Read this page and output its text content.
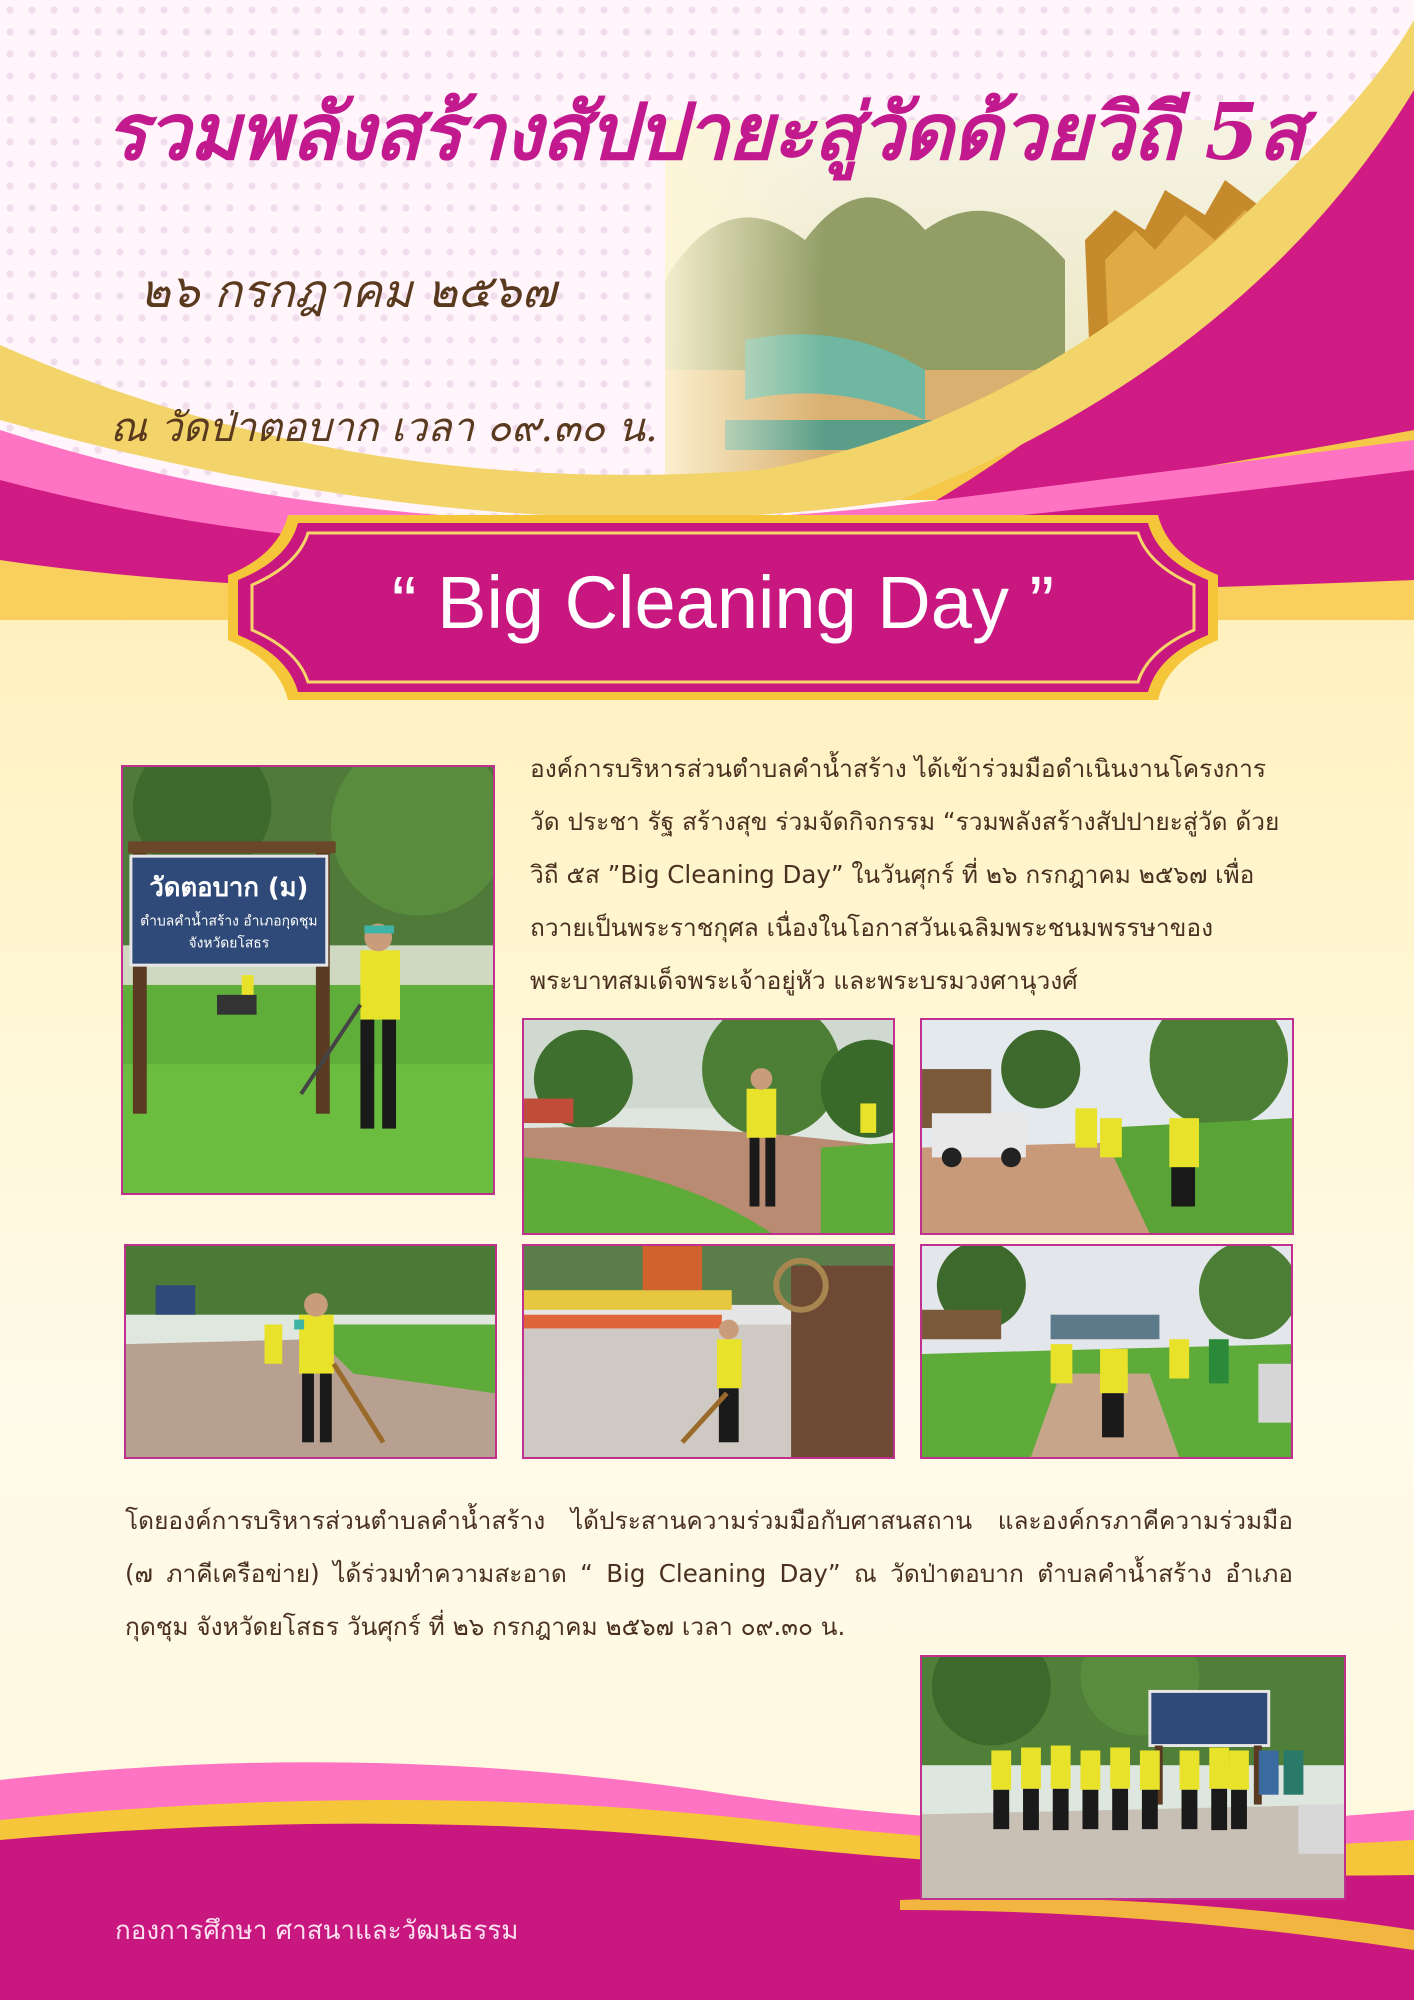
รวมพลังสร้างสัปปายะสู่วัดด้วยวิถี 5ส
๒๖ กรกฎาคม ๒๕๖๗
ณ วัดป่าตอบาก เวลา ๐๙.๓๐ น.
“ Big Cleaning Day ”
องค์การบริหารส่วนตำบลคำน้ำสร้าง ได้เข้าร่วมมือดำเนินงานโครงการ วัด ประชา รัฐ สร้างสุข ร่วมจัดกิจกรรม “รวมพลังสร้างสัปปายะสู่วัด ด้วยวิถี ๕ส ”Big Cleaning Day” ในวันศุกร์ ที่ ๒๖ กรกฎาคม ๒๕๖๗ เพื่อถวายเป็นพระราชกุศล เนื่องในโอกาสวันเฉลิมพระชนมพรรษาของ พระบาทสมเด็จพระเจ้าอยู่หัว และพระบรมวงศานุวงศ์
วัดตอบาก (ม)
ตำบลคำน้ำสร้าง อำเภอกุดชุม
จังหวัดยโสธร
โดยองค์การบริหารส่วนตำบลคำน้ำสร้าง ได้ประสานความร่วมมือกับศาสนสถาน และองค์กรภาคีความร่วมมือ (๗ ภาคีเครือข่าย) ได้ร่วมทำความสะอาด “ Big Cleaning Day” ณ วัดป่าตอบาก ตำบลคำน้ำสร้าง อำเภอกุดชุม จังหวัดยโสธร วันศุกร์ ที่ ๒๖ กรกฎาคม ๒๕๖๗ เวลา ๐๙.๓๐ น.
กองการศึกษา ศาสนาและวัฒนธรรม
